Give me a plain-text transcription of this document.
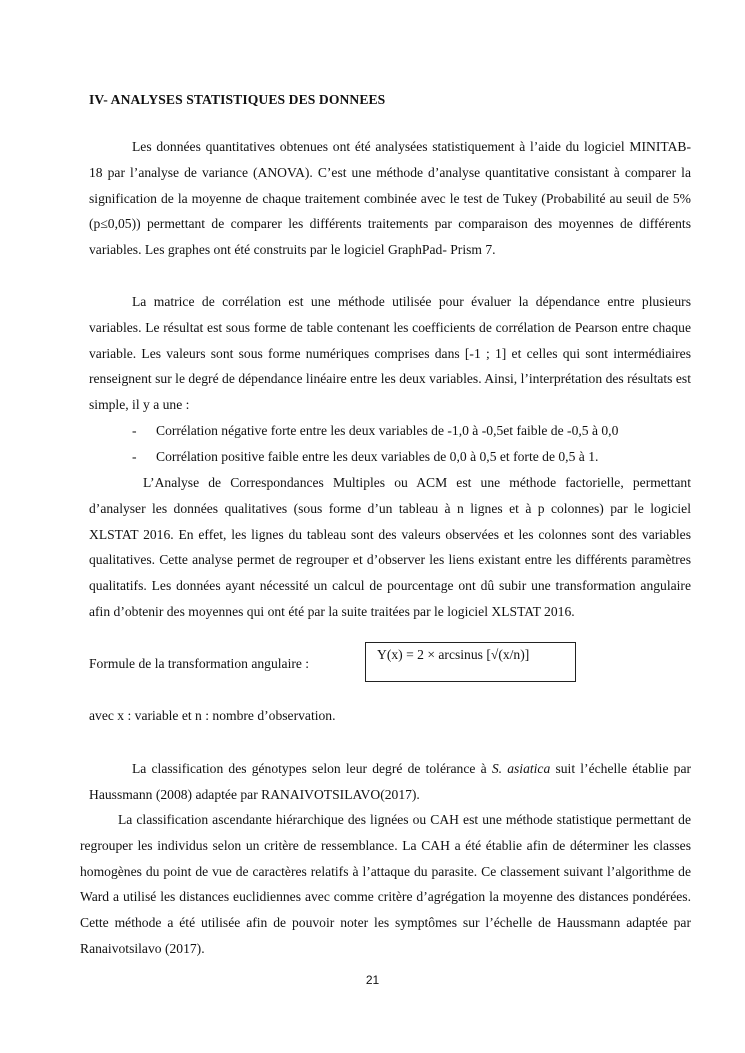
IV- ANALYSES STATISTIQUES DES DONNEES

Les données quantitatives obtenues ont été analysées statistiquement à l’aide du logiciel MINITAB- 18 par l’analyse de variance (ANOVA). C’est une méthode d’analyse quantitative consistant à comparer la signification de la moyenne de chaque traitement combinée avec le test de Tukey (Probabilité au seuil de 5% (p≤0,05)) permettant de comparer les différents traitements par comparaison des moyennes de différents variables. Les graphes ont été construits par le logiciel GraphPad- Prism 7.

La matrice de corrélation est une méthode utilisée pour évaluer la dépendance entre plusieurs variables. Le résultat est sous forme de table contenant les coefficients de corrélation de Pearson entre chaque variable. Les valeurs sont sous forme numériques comprises dans [-1 ; 1] et celles qui sont intermédiaires renseignent sur le degré de dépendance linéaire entre les deux variables. Ainsi, l’interprétation des résultats est simple, il y a une :

- Corrélation négative forte entre les deux variables de -1,0 à -0,5et faible de -0,5 à 0,0
- Corrélation positive faible entre les deux variables de 0,0 à 0,5 et forte de 0,5 à 1.

L’Analyse de Correspondances Multiples ou ACM est une méthode factorielle, permettant d’analyser les données qualitatives (sous forme d’un tableau à n lignes et à p colonnes) par le logiciel XLSTAT 2016. En effet, les lignes du tableau sont des valeurs observées et les colonnes sont des variables qualitatives. Cette analyse permet de regrouper et d’observer les liens existant entre les différents paramètres qualitatifs. Les données ayant nécessité un calcul de pourcentage ont dû subir une transformation angulaire afin d’obtenir des moyennes qui ont été par la suite traitées par le logiciel XLSTAT 2016.

Formule de la transformation angulaire :
Y(x) = 2 × arcsinus [√(x/n)]
avec x : variable et n : nombre d’observation.

La classification des génotypes selon leur degré de tolérance à S. asiatica suit l’échelle établie par Haussmann (2008) adaptée par RANAIVOTSILAVO(2017).

La classification ascendante hiérarchique des lignées ou CAH est une méthode statistique permettant de regrouper les individus selon un critère de ressemblance. La CAH a été établie afin de déterminer les classes homogènes du point de vue de caractères relatifs à l’attaque du parasite. Ce classement suivant l’algorithme de Ward a utilisé les distances euclidiennes avec comme critère d’agrégation la moyenne des distances pondérées. Cette méthode a été utilisée afin de pouvoir noter les symptômes sur l’échelle de Haussmann adaptée par Ranaivotsilavo (2017).

21
